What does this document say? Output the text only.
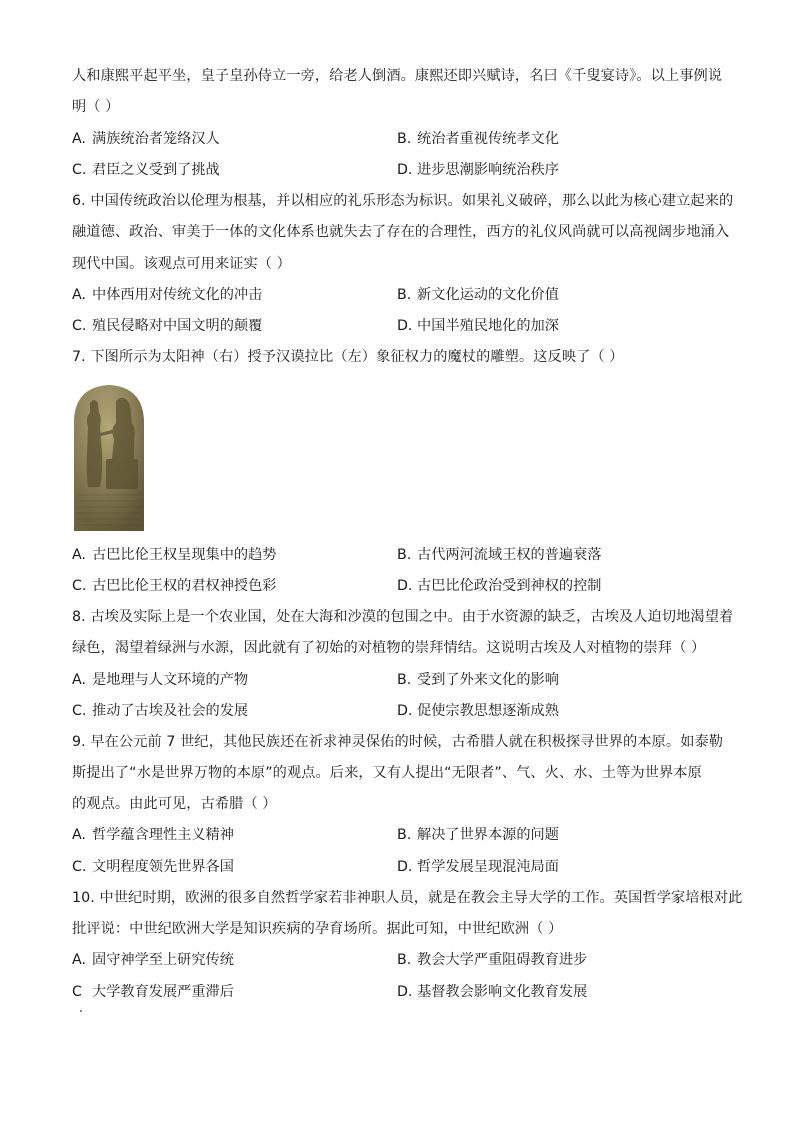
人和康熙平起平坐，皇子皇孙侍立一旁，给老人倒酒。康熙还即兴赋诗，名曰《千叟宴诗》。以上事例说
明（ ）
A. 满族统治者笼络汉人	B. 统治者重视传统孝文化
C. 君臣之义受到了挑战	D. 进步思潮影响统治秩序
6. 中国传统政治以伦理为根基，并以相应的礼乐形态为标识。如果礼义破碎，那么以此为核心建立起来的
融道德、政治、审美于一体的文化体系也就失去了存在的合理性，西方的礼仪风尚就可以高视阔步地涌入
现代中国。该观点可用来证实（ ）
A. 中体西用对传统文化的冲击	B. 新文化运动的文化价值
C. 殖民侵略对中国文明的颠覆	D. 中国半殖民地化的加深
7. 下图所示为太阳神（右）授予汉谟拉比（左）象征权力的魔杖的雕塑。这反映了（ ）
A. 古巴比伦王权呈现集中的趋势	B. 古代两河流域王权的普遍衰落
C. 古巴比伦王权的君权神授色彩	D. 古巴比伦政治受到神权的控制
8. 古埃及实际上是一个农业国，处在大海和沙漠的包围之中。由于水资源的缺乏，古埃及人迫切地渴望着
绿色，渴望着绿洲与水源，因此就有了初始的对植物的崇拜情结。这说明古埃及人对植物的崇拜（ ）
A. 是地理与人文环境的产物	B. 受到了外来文化的影响
C. 推动了古埃及社会的发展	D. 促使宗教思想逐渐成熟
9. 早在公元前 7 世纪，其他民族还在祈求神灵保佑的时候，古希腊人就在积极探寻世界的本原。如泰勒
斯提出了“水是世界万物的本原”的观点。后来，又有人提出“无限者”、气、火、水、土等为世界本原
的观点。由此可见，古希腊（ ）
A. 哲学蕴含理性主义精神	B. 解决了世界本源的问题
C. 文明程度领先世界各国	D. 哲学发展呈现混沌局面
10. 中世纪时期，欧洲的很多自然哲学家若非神职人员，就是在教会主导大学的工作。英国哲学家培根对此
批评说：中世纪欧洲大学是知识疾病的孕育场所。据此可知，中世纪欧洲（ ）
A. 固守神学至上研究传统	B. 教会大学严重阻碍教育进步
C 大学教育发展严重滞后	D. 基督教会影响文化教育发展
